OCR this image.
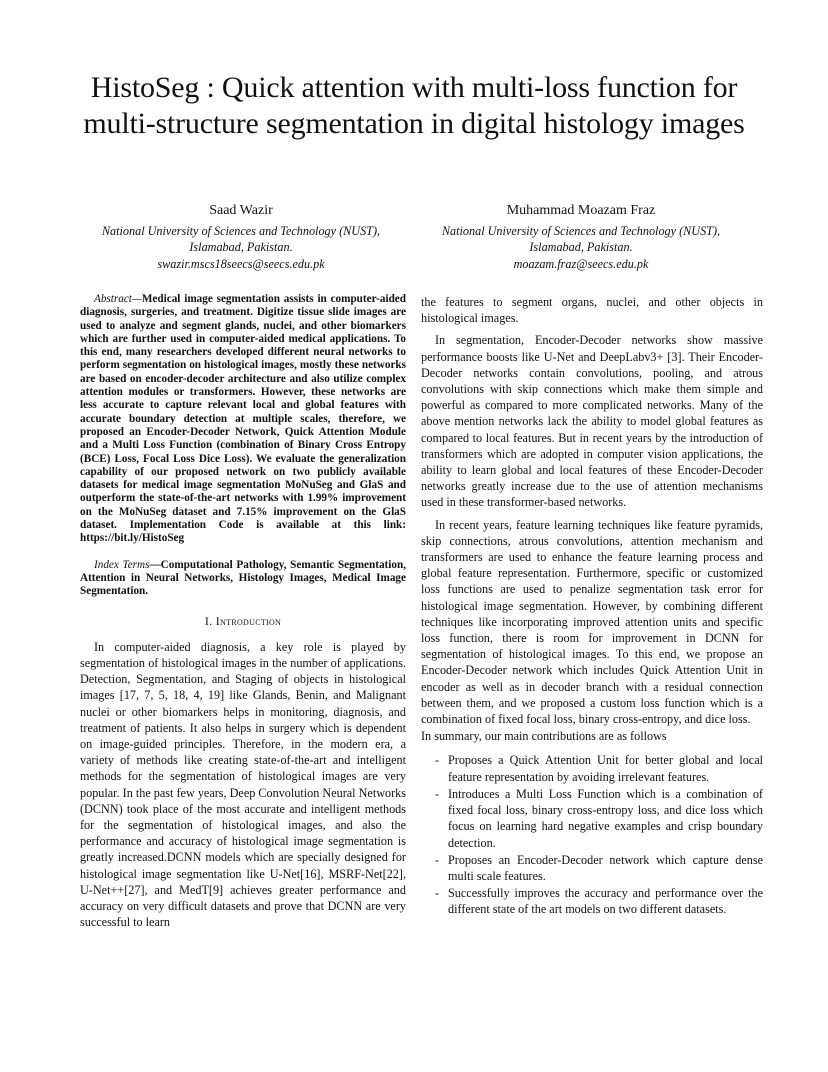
HistoSeg : Quick attention with multi-loss function for multi-structure segmentation in digital histology images
Saad Wazir
National University of Sciences and Technology (NUST),
Islamabad, Pakistan.
swazir.mscs18seecs@seecs.edu.pk
Muhammad Moazam Fraz
National University of Sciences and Technology (NUST),
Islamabad, Pakistan.
moazam.fraz@seecs.edu.pk

Abstract—Medical image segmentation assists in computer-aided diagnosis, surgeries, and treatment. Digitize tissue slide images are used to analyze and segment glands, nuclei, and other biomarkers which are further used in computer-aided medical applications. To this end, many researchers developed different neural networks to perform segmentation on histological images, mostly these networks are based on encoder-decoder architecture and also utilize complex attention modules or transformers. However, these networks are less accurate to capture relevant local and global features with accurate boundary detection at multiple scales, therefore, we proposed an Encoder-Decoder Network, Quick Attention Module and a Multi Loss Function (combination of Binary Cross Entropy (BCE) Loss, Focal Loss Dice Loss). We evaluate the generalization capability of our proposed network on two publicly available datasets for medical image segmentation MoNuSeg and GlaS and outperform the state-of-the-art networks with 1.99% improvement on the MoNuSeg dataset and 7.15% improvement on the GlaS dataset. Implementation Code is available at this link: https://bit.ly/HistoSeg

Index Terms—Computational Pathology, Semantic Segmentation, Attention in Neural Networks, Histology Images, Medical Image Segmentation.

I. Introduction

In computer-aided diagnosis, a key role is played by segmentation of histological images in the number of applications. Detection, Segmentation, and Staging of objects in histological images [17, 7, 5, 18, 4, 19] like Glands, Benin, and Malignant nuclei or other biomarkers helps in monitoring, diagnosis, and treatment of patients. It also helps in surgery which is dependent on image-guided principles. Therefore, in the modern era, a variety of methods like creating state-of-the-art and intelligent methods for the segmentation of histological images are very popular. In the past few years, Deep Convolution Neural Networks (DCNN) took place of the most accurate and intelligent methods for the segmentation of histological images, and also the performance and accuracy of histological image segmentation is greatly increased.DCNN models which are specially designed for histological image segmentation like U-Net[16], MSRF-Net[22], U-Net++[27], and MedT[9] achieves greater performance and accuracy on very difficult datasets and prove that DCNN are very successful to learn

the features to segment organs, nuclei, and other objects in histological images.

In segmentation, Encoder-Decoder networks show massive performance boosts like U-Net and DeepLabv3+ [3]. Their Encoder-Decoder networks contain convolutions, pooling, and atrous convolutions with skip connections which make them simple and powerful as compared to more complicated networks. Many of the above mention networks lack the ability to model global features as compared to local features. But in recent years by the introduction of transformers which are adopted in computer vision applications, the ability to learn global and local features of these Encoder-Decoder networks greatly increase due to the use of attention mechanisms used in these transformer-based networks.

In recent years, feature learning techniques like feature pyramids, skip connections, atrous convolutions, attention mechanism and transformers are used to enhance the feature learning process and global feature representation. Furthermore, specific or customized loss functions are used to penalize segmentation task error for histological image segmentation. However, by combining different techniques like incorporating improved attention units and specific loss function, there is room for improvement in DCNN for segmentation of histological images. To this end, we propose an Encoder-Decoder network which includes Quick Attention Unit in encoder as well as in decoder branch with a residual connection between them, and we proposed a custom loss function which is a combination of fixed focal loss, binary cross-entropy, and dice loss.

In summary, our main contributions are as follows

- Proposes a Quick Attention Unit for better global and local feature representation by avoiding irrelevant features.
- Introduces a Multi Loss Function which is a combination of fixed focal loss, binary cross-entropy loss, and dice loss which focus on learning hard negative examples and crisp boundary detection.
- Proposes an Encoder-Decoder network which capture dense multi scale features.
- Successfully improves the accuracy and performance over the different state of the art models on two different datasets.
